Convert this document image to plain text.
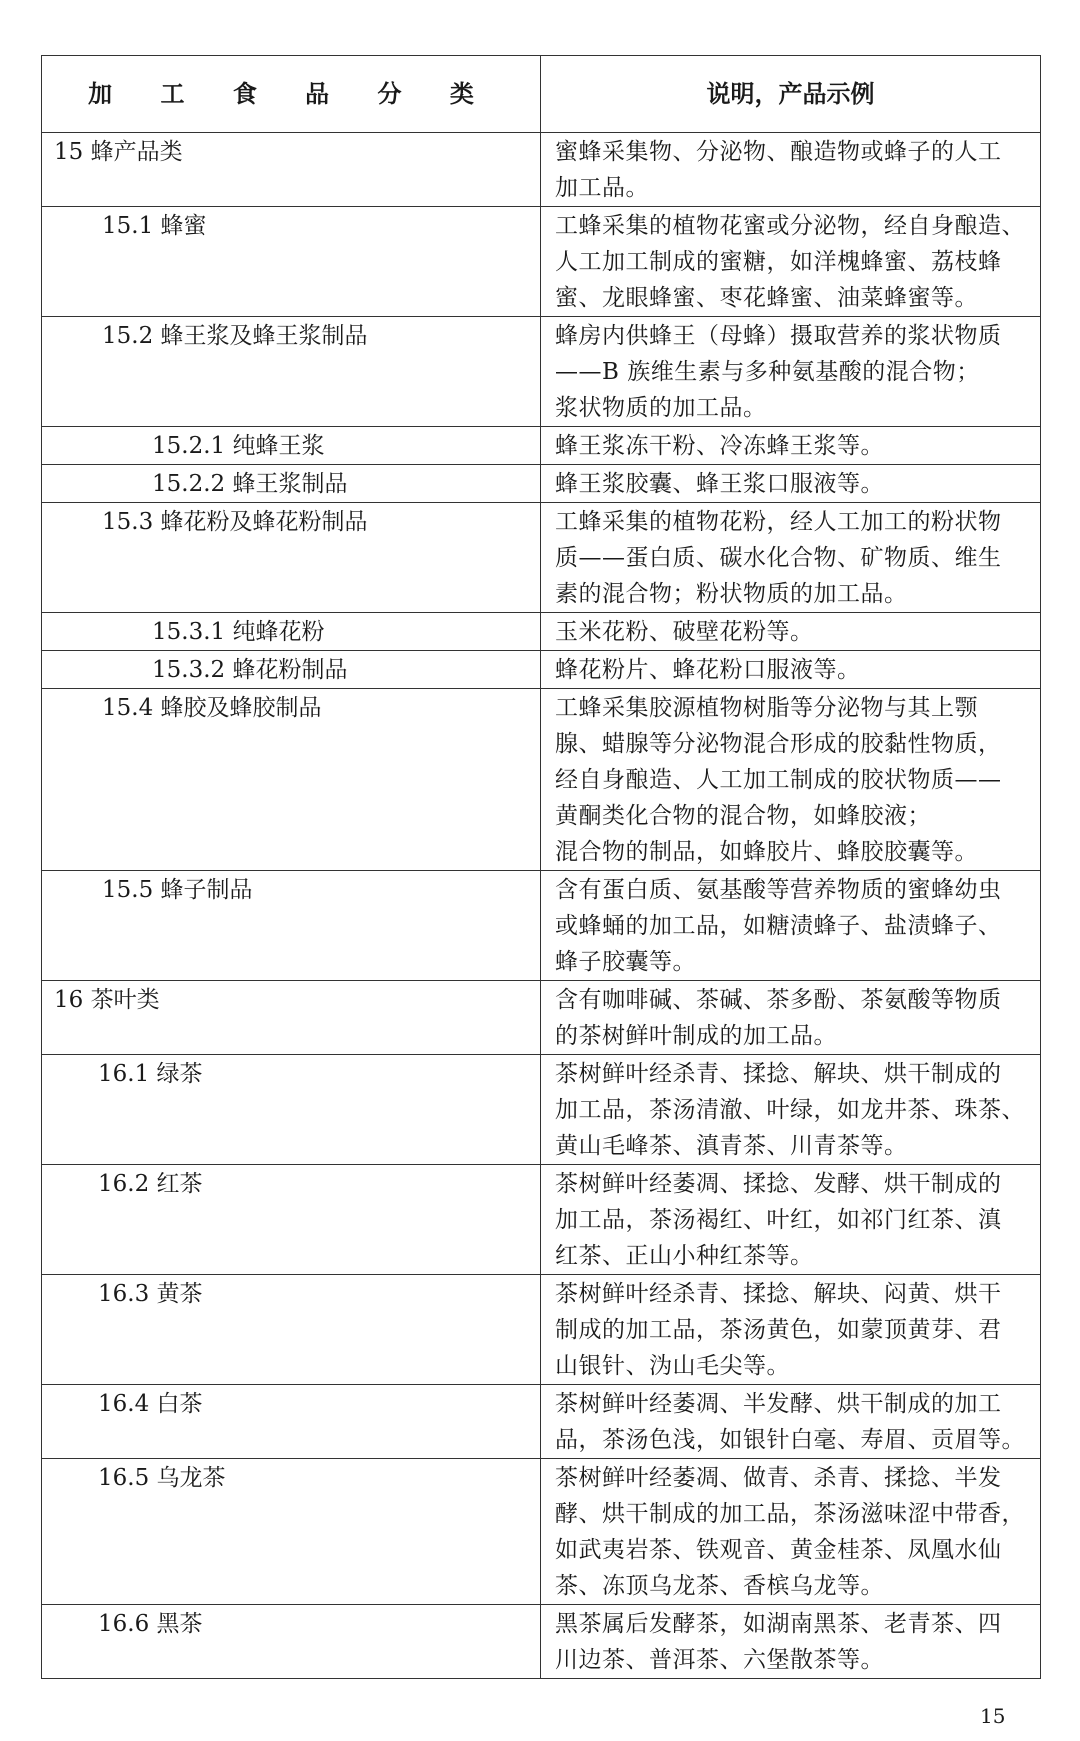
加 工 食 品 分 类	说明，产品示例
15 蜂产品类	蜜蜂采集物、分泌物、酿造物或蜂子的人工
加工品。

15.1 蜂蜜	工蜂采集的植物花蜜或分泌物，经自身酿造、
人工加工制成的蜜糖，如洋槐蜂蜜、荔枝蜂
蜜、龙眼蜂蜜、枣花蜂蜜、油菜蜂蜜等。

15.2 蜂王浆及蜂王浆制品	蜂房内供蜂王（母蜂）摄取营养的浆状物质
——B 族维生素与多种氨基酸的混合物；
浆状物质的加工品。

15.2.1 纯蜂王浆	蜂王浆冻干粉、冷冻蜂王浆等。

15.2.2 蜂王浆制品	蜂王浆胶囊、蜂王浆口服液等。

15.3 蜂花粉及蜂花粉制品	工蜂采集的植物花粉，经人工加工的粉状物
质——蛋白质、碳水化合物、矿物质、维生
素的混合物；粉状物质的加工品。

15.3.1 纯蜂花粉	玉米花粉、破壁花粉等。

15.3.2 蜂花粉制品	蜂花粉片、蜂花粉口服液等。

15.4 蜂胶及蜂胶制品	工蜂采集胶源植物树脂等分泌物与其上颚
腺、蜡腺等分泌物混合形成的胶黏性物质，
经自身酿造、人工加工制成的胶状物质——
黄酮类化合物的混合物，如蜂胶液；
混合物的制品，如蜂胶片、蜂胶胶囊等。

15.5 蜂子制品	含有蛋白质、氨基酸等营养物质的蜜蜂幼虫
或蜂蛹的加工品，如糖渍蜂子、盐渍蜂子、
蜂子胶囊等。

16 茶叶类	含有咖啡碱、茶碱、茶多酚、茶氨酸等物质
的茶树鲜叶制成的加工品。

16.1 绿茶	茶树鲜叶经杀青、揉捻、解块、烘干制成的
加工品，茶汤清澈、叶绿，如龙井茶、珠茶、
黄山毛峰茶、滇青茶、川青茶等。

16.2 红茶	茶树鲜叶经萎凋、揉捻、发酵、烘干制成的
加工品，茶汤褐红、叶红，如祁门红茶、滇
红茶、正山小种红茶等。

16.3 黄茶	茶树鲜叶经杀青、揉捻、解块、闷黄、烘干
制成的加工品，茶汤黄色，如蒙顶黄芽、君
山银针、沩山毛尖等。

16.4 白茶	茶树鲜叶经萎凋、半发酵、烘干制成的加工
品，茶汤色浅，如银针白毫、寿眉、贡眉等。

16.5 乌龙茶	茶树鲜叶经萎凋、做青、杀青、揉捻、半发
酵、烘干制成的加工品，茶汤滋味涩中带香，
如武夷岩茶、铁观音、黄金桂茶、凤凰水仙
茶、冻顶乌龙茶、香槟乌龙等。

16.6 黑茶	黑茶属后发酵茶，如湖南黑茶、老青茶、四
川边茶、普洱茶、六堡散茶等。
15
